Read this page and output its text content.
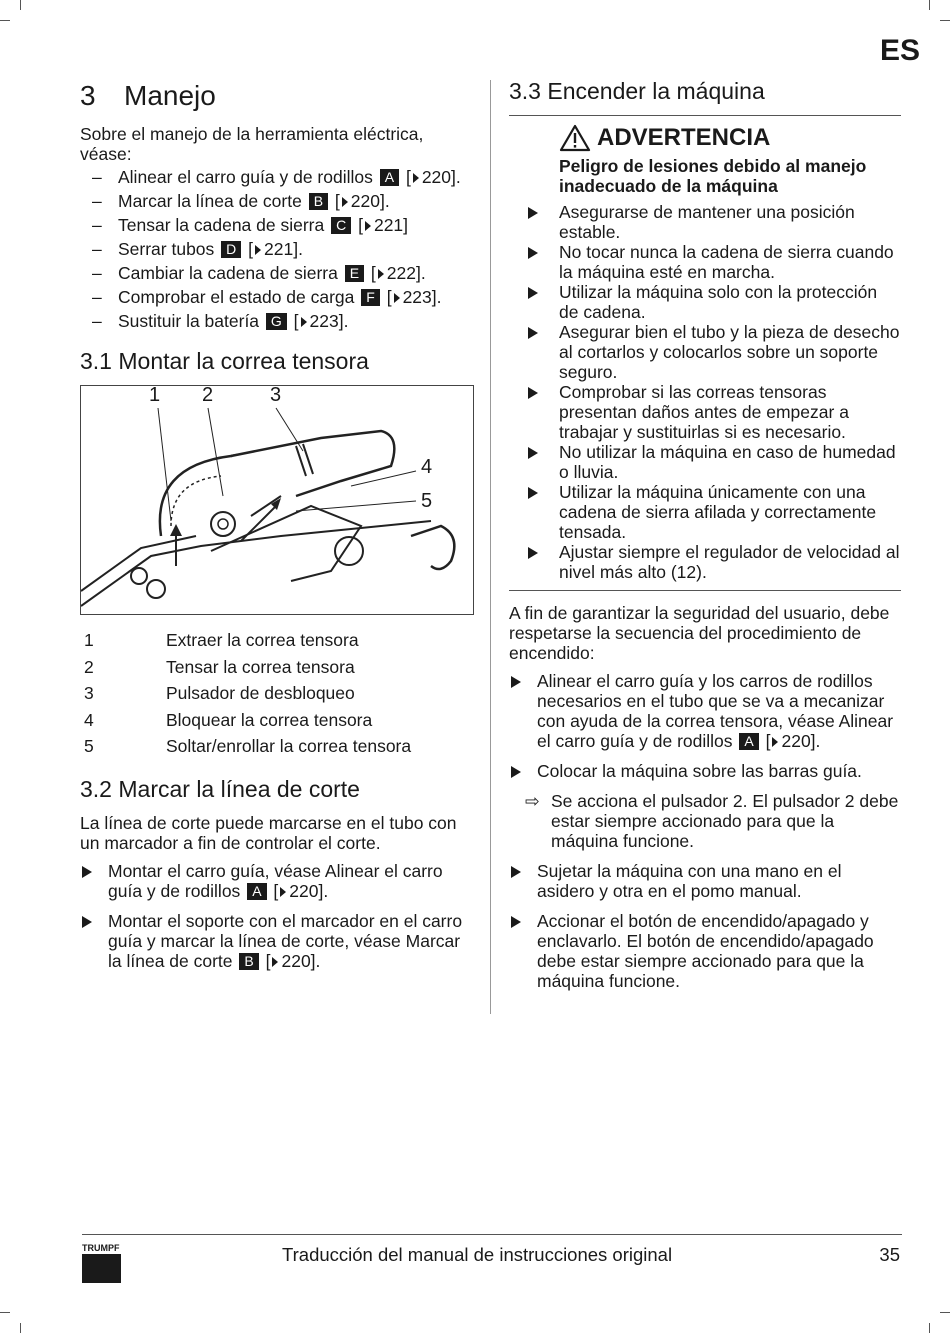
ES
3 Manejo

Sobre el manejo de la herramienta eléctrica, véase:

– Alinear el carro guía y de rodillos A [ 220].
– Marcar la línea de corte B [ 220].
– Tensar la cadena de sierra C [ 221]
– Serrar tubos D [ 221].
– Cambiar la cadena de sierra E [ 222].
– Comprobar el estado de carga F [ 223].
– Sustituir la batería G [ 223].
3.1 Montar la correa tensora
1 2	3
4
5
1	Extraer la correa tensora
2	Tensar la correa tensora
3	Pulsador de desbloqueo
4	Bloquear la correa tensora
5	Soltar/enrollar la correa tensora
3.2 Marcar la línea de corte

La línea de corte puede marcarse en el tubo con un marcador a fin de controlar el corte.

Montar el carro guía, véase Alinear el carro guía y de rodillos A [ 220].
Montar el soporte con el marcador en el carro guía y marcar la línea de corte, véase Marcar la línea de corte B [ 220].
3.3 Encender la máquina
ADVERTENCIA
Peligro de lesiones debido al manejo inadecuado de la máquina
Asegurarse de mantener una posición estable.
No tocar nunca la cadena de sierra cuando la máquina esté en marcha.
Utilizar la máquina solo con la protección de cadena.
Asegurar bien el tubo y la pieza de desecho al cortarlos y colocarlos sobre un soporte seguro.
Comprobar si las correas tensoras presentan daños antes de empezar a trabajar y sustituirlas si es necesario.
No utilizar la máquina en caso de humedad o lluvia.
Utilizar la máquina únicamente con una cadena de sierra afilada y correctamente tensada.
Ajustar siempre el regulador de velocidad al nivel más alto (12).

A fin de garantizar la seguridad del usuario, debe respetarse la secuencia del procedimiento de encendido:

Alinear el carro guía y los carros de rodillos necesarios en el tubo que se va a mecanizar con ayuda de la correa tensora, véase Alinear el carro guía y de rodillos A [ 220].
Colocar la máquina sobre las barras guía.
⇨ Se acciona el pulsador 2. El pulsador 2 debe estar siempre accionado para que la máquina funcione.
Sujetar la máquina con una mano en el asidero y otra en el pomo manual.
Accionar el botón de encendido/apagado y enclavarlo. El botón de encendido/apagado debe estar siempre accionado para que la máquina funcione.
TRUMPF	Traducción del manual de instrucciones original	35
